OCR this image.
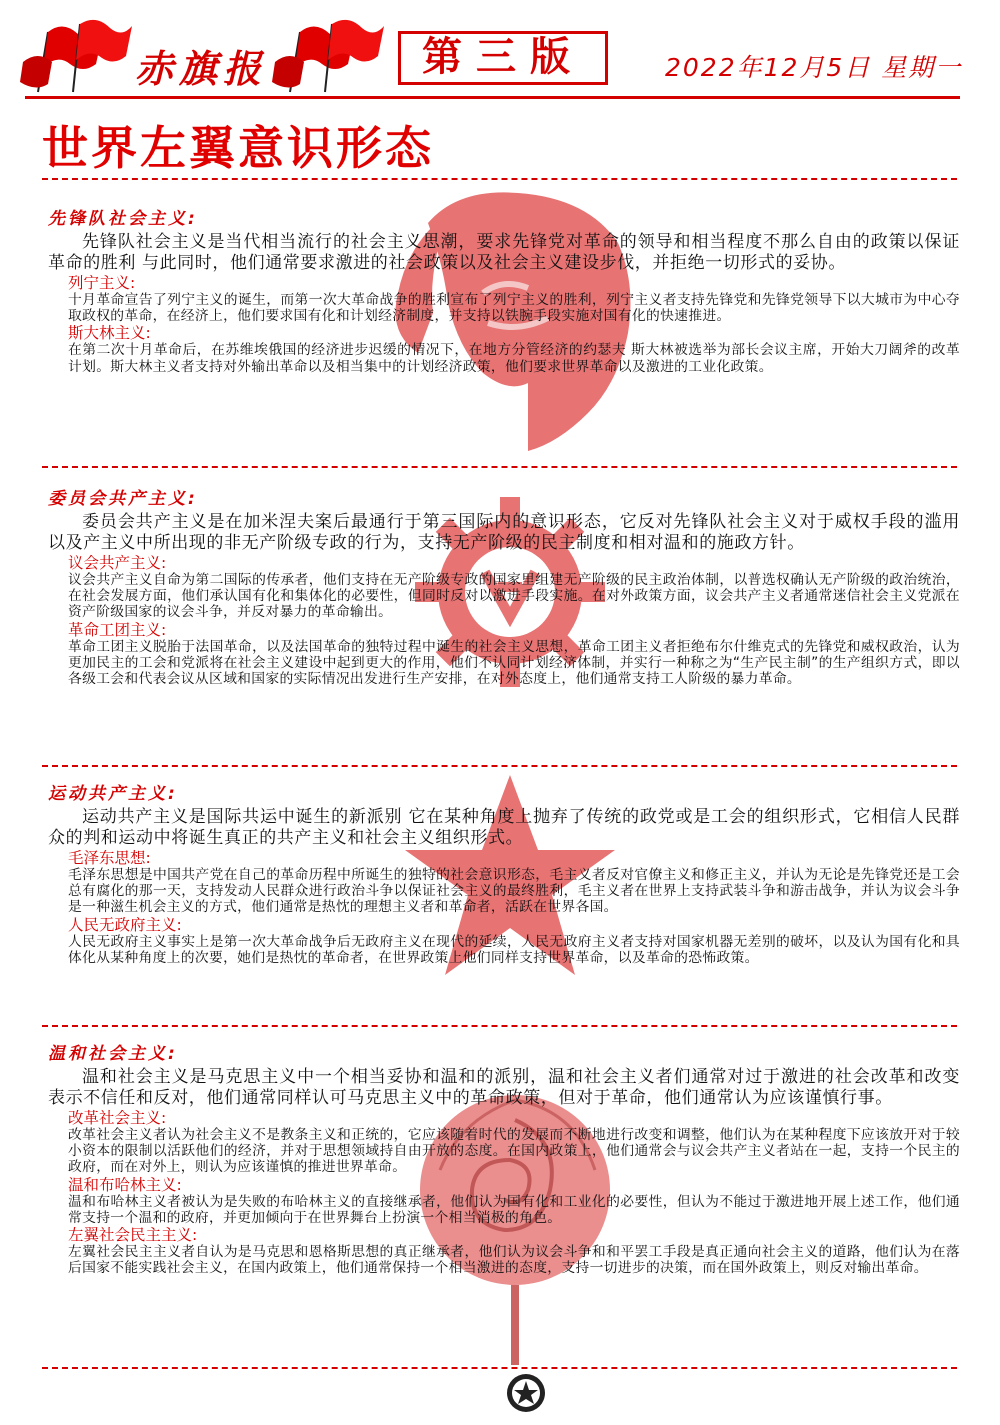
赤旗报	第三版	2022年12月5日 星期一
世界左翼意识形态

先锋队社会主义:

先锋队社会主义是当代相当流行的社会主义思潮，要求先锋党对革命的领导和相当程度不那么自由的政策以保证革命的胜利 与此同时，他们通常要求激进的社会政策以及社会主义建设步伐，并拒绝一切形式的妥协。

列宁主义:

十月革命宣告了列宁主义的诞生，而第一次大革命战争的胜利宣布了列宁主义的胜利，列宁主义者支持先锋党和先锋党领导下以大城市为中心夺取政权的革命，在经济上，他们要求国有化和计划经济制度，并支持以铁腕手段实施对国有化的快速推进。

斯大林主义:

在第二次十月革命后，在苏维埃俄国的经济进步迟缓的情况下，在地方分管经济的约瑟夫 斯大林被选举为部长会议主席，开始大刀阔斧的改革计划。斯大林主义者支持对外输出革命以及相当集中的计划经济政策，他们要求世界革命以及激进的工业化政策。

委员会共产主义:

委员会共产主义是在加米涅夫案后最通行于第三国际内的意识形态，它反对先锋队社会主义对于威权手段的滥用以及产主义中所出现的非无产阶级专政的行为，支持无产阶级的民主制度和相对温和的施政方针。

议会共产主义:

议会共产主义自命为第二国际的传承者，他们支持在无产阶级专政的国家里组建无产阶级的民主政治体制，以普选权确认无产阶级的政治统治，在社会发展方面，他们承认国有化和集体化的必要性，但同时反对以激进手段实施。在对外政策方面，议会共产主义者通常迷信社会主义党派在资产阶级国家的议会斗争，并反对暴力的革命输出。

革命工团主义:

革命工团主义脱胎于法国革命，以及法国革命的独特过程中诞生的社会主义思想，革命工团主义者拒绝布尔什维克式的先锋党和威权政治，认为更加民主的工会和党派将在社会主义建设中起到更大的作用，他们不认同计划经济体制，并实行一种称之为“生产民主制”的生产组织方式，即以各级工会和代表会议从区域和国家的实际情况出发进行生产安排，在对外态度上，他们通常支持工人阶级的暴力革命。

运动共产主义:

运动共产主义是国际共运中诞生的新派别 它在某种角度上抛弃了传统的政党或是工会的组织形式，它相信人民群众的判和运动中将诞生真正的共产主义和社会主义组织形式。

毛泽东思想:

毛泽东思想是中国共产党在自己的革命历程中所诞生的独特的社会意识形态，毛主义者反对官僚主义和修正主义，并认为无论是先锋党还是工会总有腐化的那一天，支持发动人民群众进行政治斗争以保证社会主义的最终胜利，毛主义者在世界上支持武装斗争和游击战争，并认为议会斗争是一种滋生机会主义的方式，他们通常是热忱的理想主义者和革命者，活跃在世界各国。

人民无政府主义:

人民无政府主义事实上是第一次大革命战争后无政府主义在现代的延续，人民无政府主义者支持对国家机器无差别的破坏，以及认为国有化和具体化从某种角度上的次要，她们是热忱的革命者，在世界政策上他们同样支持世界革命，以及革命的恐怖政策。

温和社会主义:

温和社会主义是马克思主义中一个相当妥协和温和的派别，温和社会主义者们通常对过于激进的社会改革和改变表示不信任和反对，他们通常同样认可马克思主义中的革命政策，但对于革命，他们通常认为应该谨慎行事。

改革社会主义:

改革社会主义者认为社会主义不是教条主义和正统的，它应该随着时代的发展而不断地进行改变和调整，他们认为在某种程度下应该放开对于较小资本的限制以活跃他们的经济，并对于思想领域持自由开放的态度。在国内政策上，他们通常会与议会共产主义者站在一起，支持一个民主的政府，而在对外上，则认为应该谨慎的推进世界革命。

温和布哈林主义:

温和布哈林主义者被认为是失败的布哈林主义的直接继承者，他们认为国有化和工业化的必要性，但认为不能过于激进地开展上述工作，他们通常支持一个温和的政府，并更加倾向于在世界舞台上扮演一个相当消极的角色。

左翼社会民主主义:

左翼社会民主主义者自认为是马克思和恩格斯思想的真正继承者，他们认为议会斗争和和平罢工手段是真正通向社会主义的道路，他们认为在落后国家不能实践社会主义，在国内政策上，他们通常保持一个相当激进的态度，支持一切进步的决策，而在国外政策上，则反对输出革命。
